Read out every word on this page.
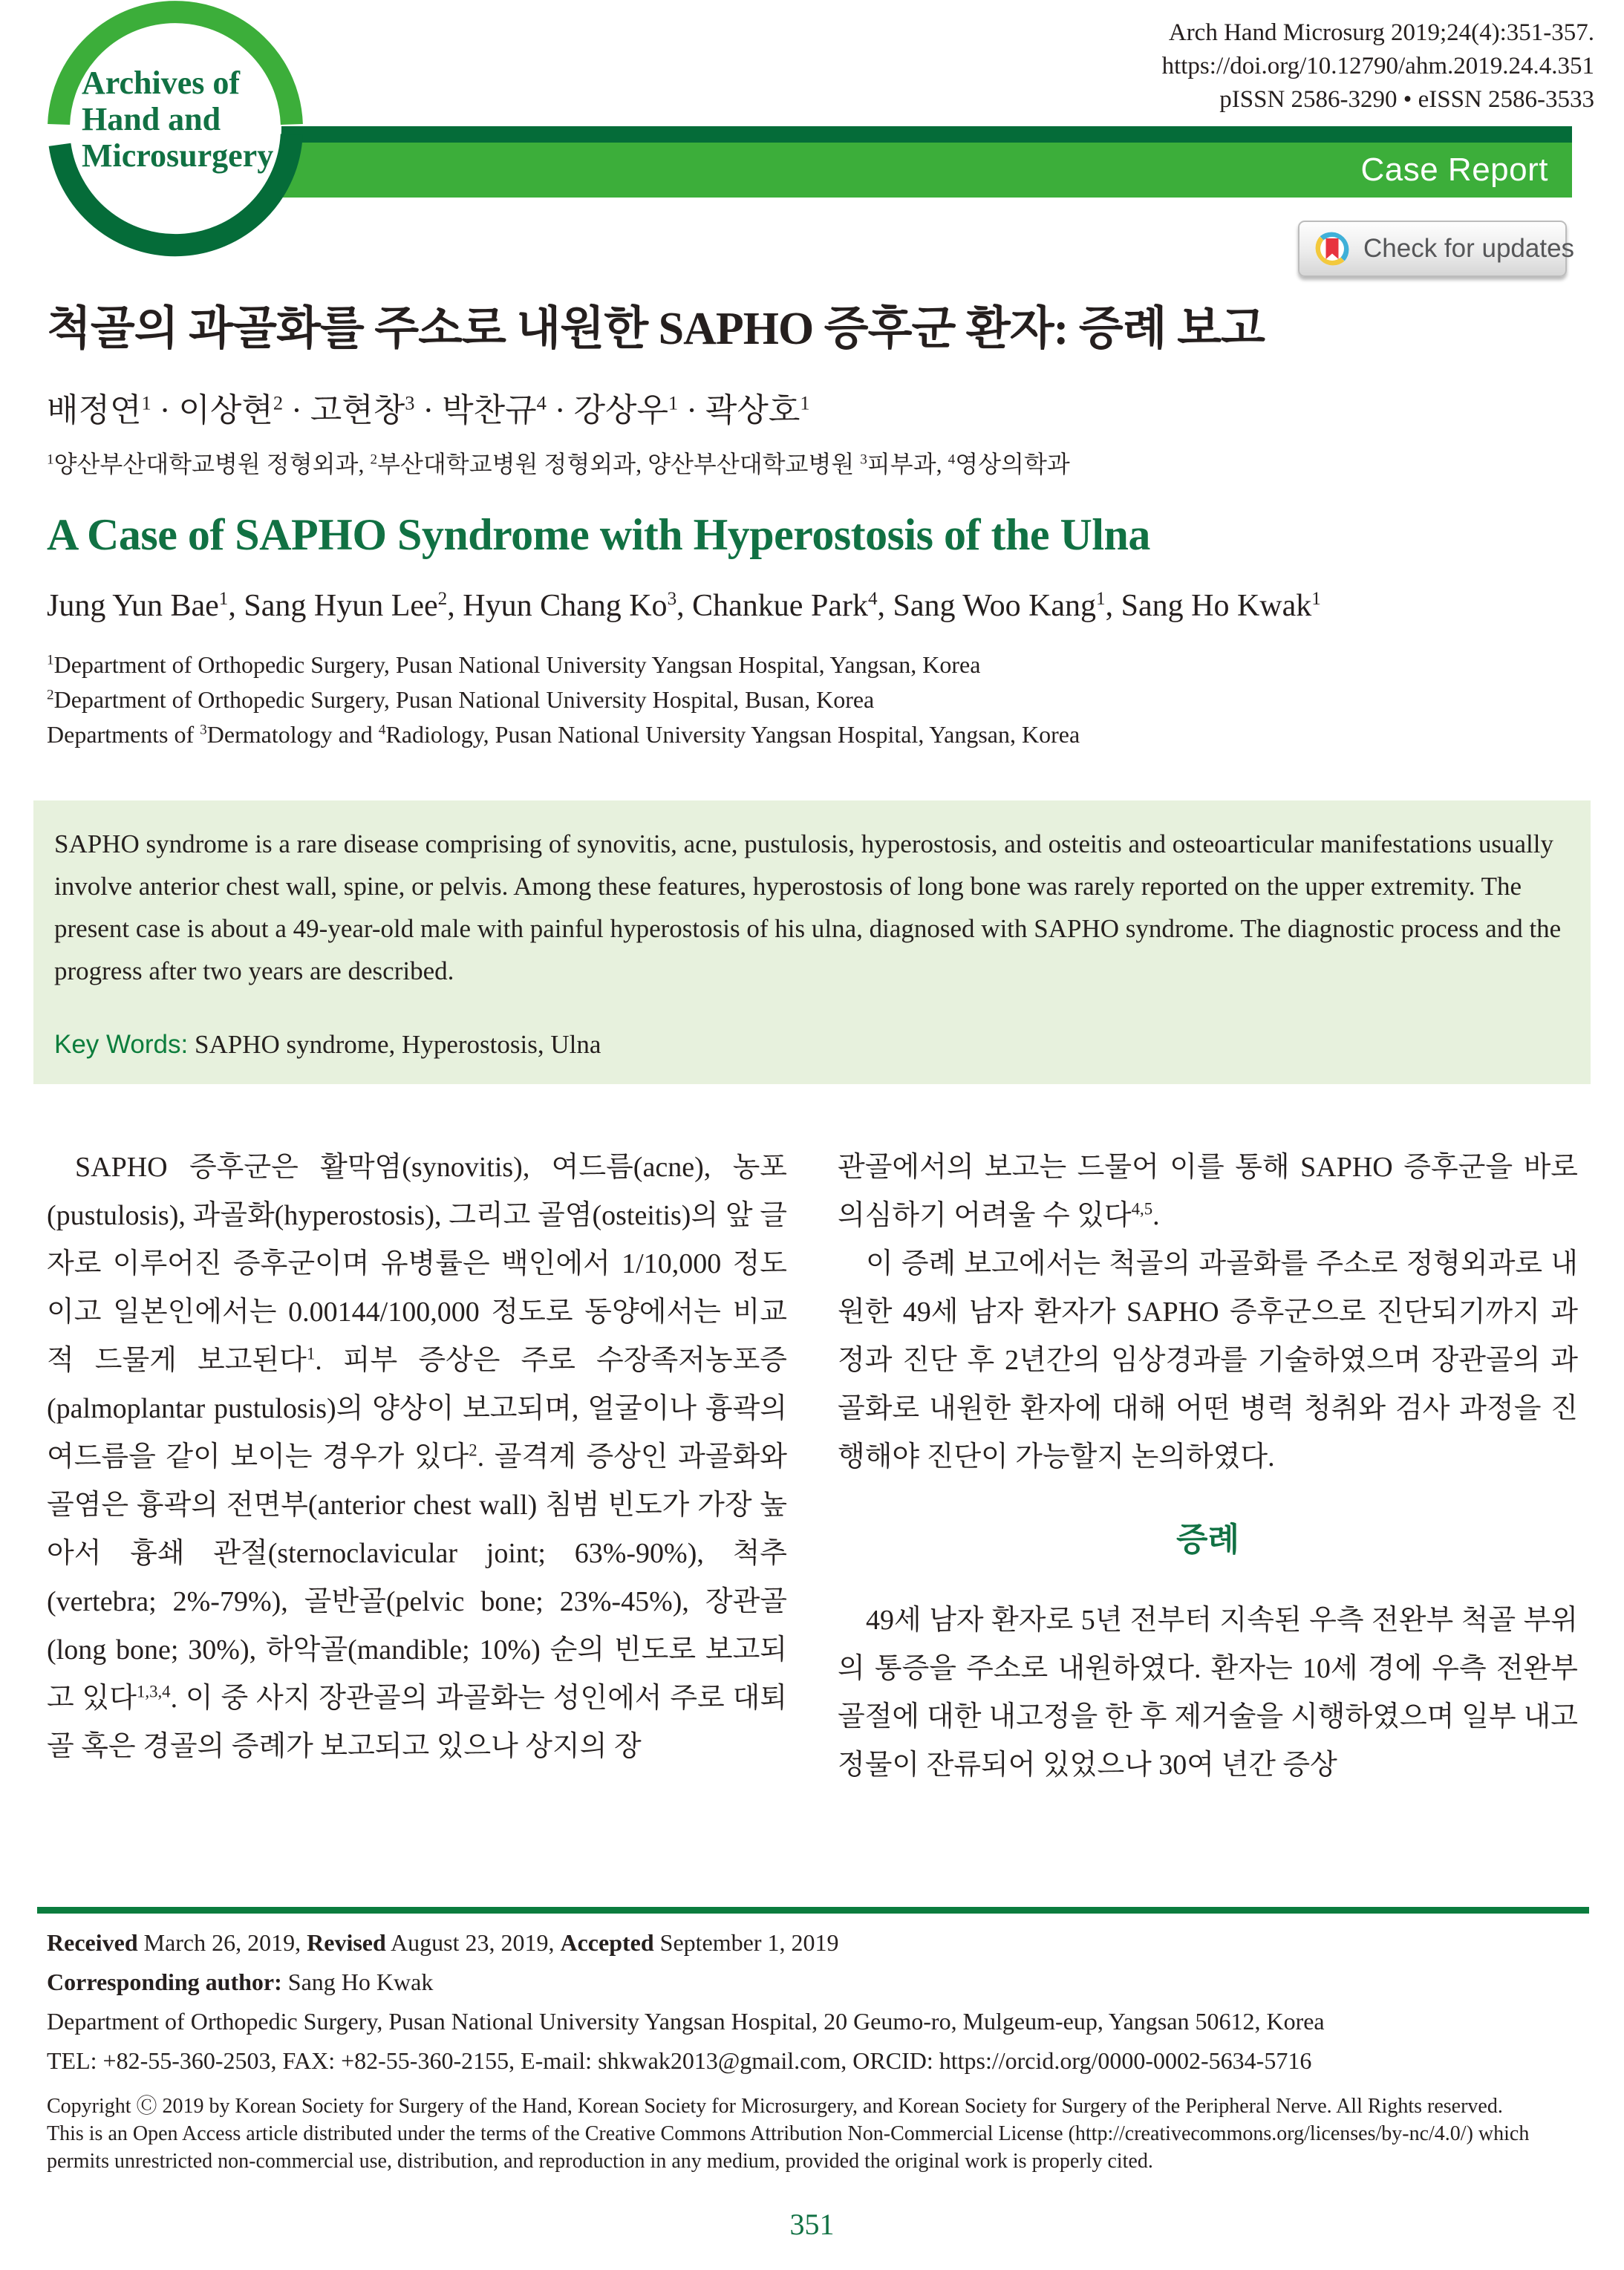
Case Report
Archives of
Hand and
Microsurgery
Arch Hand Microsurg 2019;24(4):351-357.
https://doi.org/10.12790/ahm.2019.24.4.351
pISSN 2586-3290 • eISSN 2586-3533
Check for updates
척골의 과골화를 주소로 내원한 SAPHO 증후군 환자: 증례 보고
배정연$^1$ · 이상현$^2$ · 고현창$^3$ · 박찬규$^4$ · 강상우$^1$ · 곽상호$^1$
$^1$양산부산대학교병원 정형외과, $^2$부산대학교병원 정형외과, 양산부산대학교병원 $^3$피부과, $^4$영상의학과
A Case of SAPHO Syndrome with Hyperostosis of the Ulna
Jung Yun Bae$^1$, Sang Hyun Lee$^2$, Hyun Chang Ko$^3$, Chankue Park$^4$, Sang Woo Kang$^1$, Sang Ho Kwak$^1$

$^1$Department of Orthopedic Surgery, Pusan National University Yangsan Hospital, Yangsan, Korea

$^2$Department of Orthopedic Surgery, Pusan National University Hospital, Busan, Korea

Departments of $^3$Dermatology and $^4$Radiology, Pusan National University Yangsan Hospital, Yangsan, Korea

SAPHO syndrome is a rare disease comprising of synovitis, acne, pustulosis, hyperostosis, and osteitis and osteoarticular manifestations usually involve anterior chest wall, spine, or pelvis. Among these features, hyperostosis of long bone was rarely reported on the upper extremity. The present case is about a 49-year-old male with painful hyperostosis of his ulna, diagnosed with SAPHO syndrome. The diagnostic process and the progress after two years are described.

Key Words: SAPHO syndrome, Hyperostosis, Ulna

SAPHO 증후군은 활막염(synovitis), 여드름(acne), 농포(pustulosis), 과골화(hyperostosis), 그리고 골염(osteitis)의 앞 글자로 이루어진 증후군이며 유병률은 백인에서 1/10,000 정도이고 일본인에서는 0.00144/100,000 정도로 동양에서는 비교적 드물게 보고된다$^1$. 피부 증상은 주로 수장족저농포증(palmoplantar pustulosis)의 양상이 보고되며, 얼굴이나 흉곽의 여드름을 같이 보이는 경우가 있다$^2$. 골격계 증상인 과골화와 골염은 흉곽의 전면부(anterior chest wall) 침범 빈도가 가장 높아서 흉쇄 관절(sternoclavicular joint; 63%-90%), 척추(vertebra; 2%-79%), 골반골(pelvic bone; 23%-45%), 장관골(long bone; 30%), 하악골(mandible; 10%) 순의 빈도로 보고되고 있다$^{1,3,4}$. 이 중 사지 장관골의 과골화는 성인에서 주로 대퇴골 혹은 경골의 증례가 보고되고 있으나 상지의 장

관골에서의 보고는 드물어 이를 통해 SAPHO 증후군을 바로 의심하기 어려울 수 있다$^{4,5}$.

이 증례 보고에서는 척골의 과골화를 주소로 정형외과로 내원한 49세 남자 환자가 SAPHO 증후군으로 진단되기까지 과정과 진단 후 2년간의 임상경과를 기술하였으며 장관골의 과골화로 내원한 환자에 대해 어떤 병력 청취와 검사 과정을 진행해야 진단이 가능할지 논의하였다.

증례

49세 남자 환자로 5년 전부터 지속된 우측 전완부 척골 부위의 통증을 주소로 내원하였다. 환자는 10세 경에 우측 전완부 골절에 대한 내고정을 한 후 제거술을 시행하였으며 일부 내고정물이 잔류되어 있었으나 30여 년간 증상

Received March 26, 2019, Revised August 23, 2019, Accepted September 1, 2019

Corresponding author: Sang Ho Kwak

Department of Orthopedic Surgery, Pusan National University Yangsan Hospital, 20 Geumo-ro, Mulgeum-eup, Yangsan 50612, Korea

TEL: +82-55-360-2503, FAX: +82-55-360-2155, E-mail: shkwak2013@gmail.com, ORCID: https://orcid.org/0000-0002-5634-5716

Copyright Ⓒ 2019 by Korean Society for Surgery of the Hand, Korean Society for Microsurgery, and Korean Society for Surgery of the Peripheral Nerve. All Rights reserved.

This is an Open Access article distributed under the terms of the Creative Commons Attribution Non-Commercial License (http://creativecommons.org/licenses/by-nc/4.0/) which permits unrestricted non-commercial use, distribution, and reproduction in any medium, provided the original work is properly cited.

351
